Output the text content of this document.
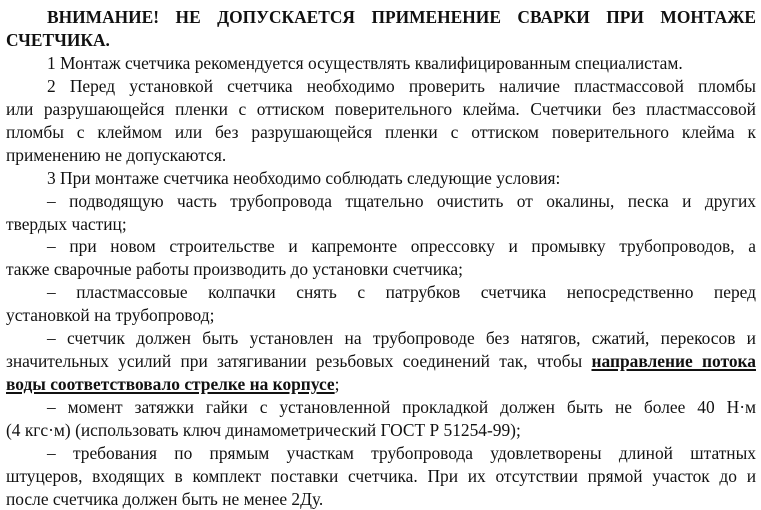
ВНИМАНИЕ! НЕ ДОПУСКАЕТСЯ ПРИМЕНЕНИЕ СВАРКИ ПРИ МОНТАЖЕ
СЧЕТЧИКА.
1 Монтаж счетчика рекомендуется осуществлять квалифицированным специалистам.
2 Перед установкой счетчика необходимо проверить наличие пластмассовой пломбы
или разрушающейся пленки с оттиском поверительного клейма. Счетчики без пластмассовой
пломбы с клеймом или без разрушающейся пленки с оттиском поверительного клейма к
применению не допускаются.
3 При монтаже счетчика необходимо соблюдать следующие условия:
– подводящую часть трубопровода тщательно очистить от окалины, песка и других
твердых частиц;
– при новом строительстве и капремонте опрессовку и промывку трубопроводов, а
также сварочные работы производить до установки счетчика;
– пластмассовые колпачки снять с патрубков счетчика непосредственно перед
установкой на трубопровод;
– счетчик должен быть установлен на трубопроводе без натягов, сжатий, перекосов и
значительных усилий при затягивании резьбовых соединений так, чтобы направление потока
воды соответствовало стрелке на корпусе;
– момент затяжки гайки с установленной прокладкой должен быть не более 40 Н·м
(4 кгс·м) (использовать ключ динамометрический ГОСТ Р 51254-99);
– требования по прямым участкам трубопровода удовлетворены длиной штатных
штуцеров, входящих в комплект поставки счетчика. При их отсутствии прямой участок до и
после счетчика должен быть не менее 2Ду.
